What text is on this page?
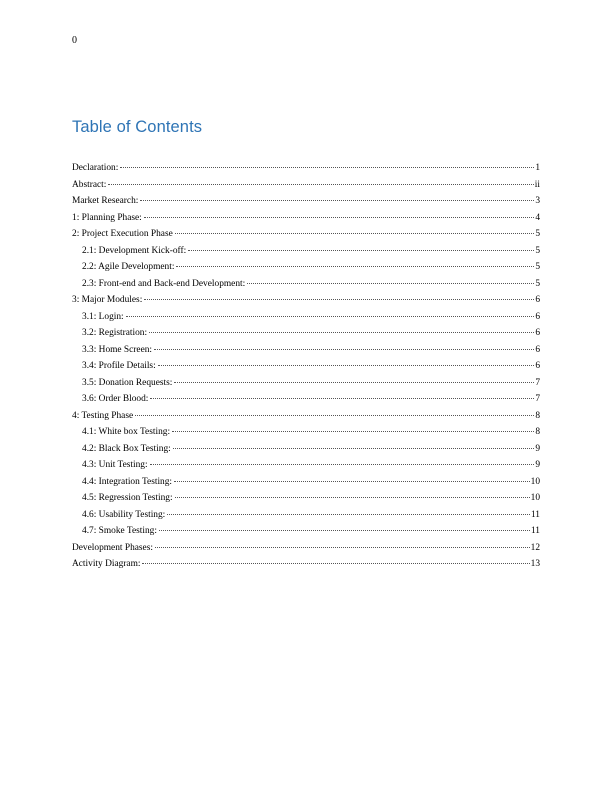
0
Table of Contents
Declaration:	1
Abstract:	ii
Market Research:	3
1: Planning Phase:	4
2: Project Execution Phase	5
2.1: Development Kick-off:	5
2.2: Agile Development:	5
2.3: Front-end and Back-end Development:	5
3: Major Modules:	6
3.1: Login:	6
3.2: Registration:	6
3.3: Home Screen:	6
3.4: Profile Details:	6
3.5: Donation Requests:	7
3.6: Order Blood:	7
4: Testing Phase	8
4.1: White box Testing:	8
4.2: Black Box Testing:	9
4.3: Unit Testing:	9
4.4: Integration Testing:	10
4.5: Regression Testing:	10
4.6: Usability Testing:	11
4.7: Smoke Testing:	11
Development Phases:	12
Activity Diagram:	13
